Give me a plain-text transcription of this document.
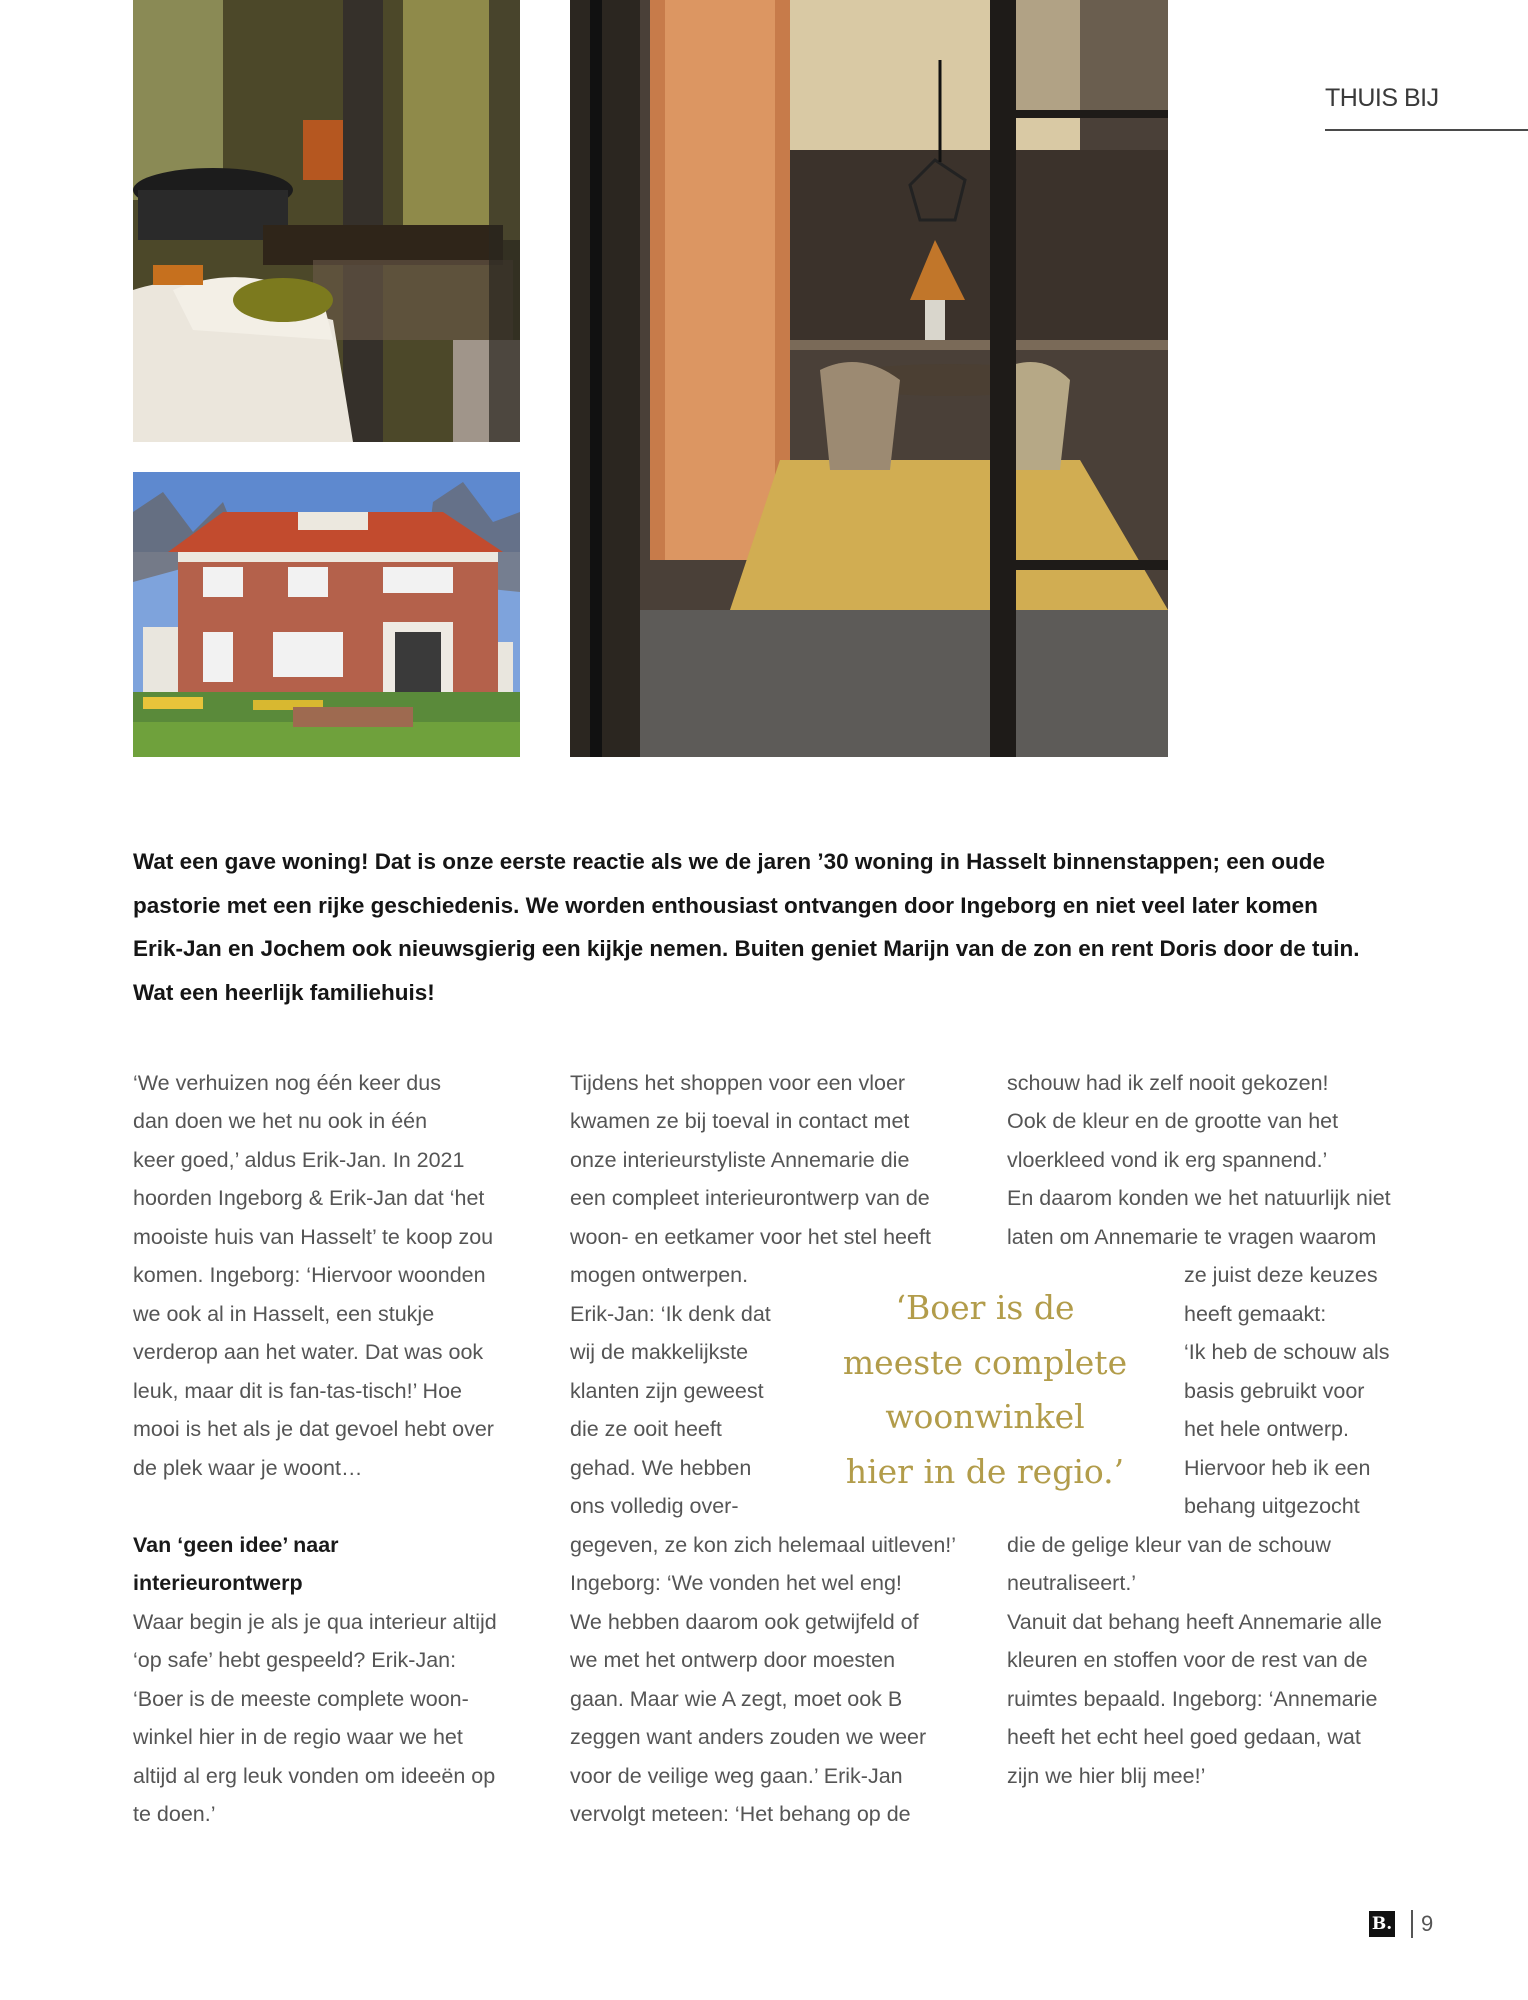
THUIS BIJ
Wat een gave woning! Dat is onze eerste reactie als we de jaren ’30 woning in Hasselt binnenstappen; een oude pastorie met een rijke geschiedenis. We worden enthousiast ontvangen door Ingeborg en niet veel later komen Erik-Jan en Jochem ook nieuwsgierig een kijkje nemen. Buiten geniet Marijn van de zon en rent Doris door de tuin. Wat een heerlijk familiehuis!
‘We verhuizen nog één keer dus
dan doen we het nu ook in één
keer goed,’ aldus Erik-Jan. In 2021
hoorden Ingeborg & Erik-Jan dat ‘het
mooiste huis van Hasselt’ te koop zou
komen. Ingeborg: ‘Hiervoor woonden
we ook al in Hasselt, een stukje
verderop aan het water. Dat was ook
leuk, maar dit is fan-tas-tisch!’ Hoe
mooi is het als je dat gevoel hebt over
de plek waar je woont…
Van ‘geen idee’ naar
interieurontwerp
Waar begin je als je qua interieur altijd
‘op safe’ hebt gespeeld? Erik-Jan:
‘Boer is de meeste complete woon-
winkel hier in de regio waar we het
altijd al erg leuk vonden om ideeën op
te doen.’
Tijdens het shoppen voor een vloer
kwamen ze bij toeval in contact met
onze interieurstyliste Annemarie die
een compleet interieurontwerp van de
woon- en eetkamer voor het stel heeft
mogen ontwerpen.
Erik-Jan: ‘Ik denk dat
wij de makkelijkste
klanten zijn geweest
die ze ooit heeft
gehad. We hebben
ons volledig over-
gegeven, ze kon zich helemaal uitleven!’
Ingeborg: ‘We vonden het wel eng!
We hebben daarom ook getwijfeld of
we met het ontwerp door moesten
gaan. Maar wie A zegt, moet ook B
zeggen want anders zouden we weer
voor de veilige weg gaan.’ Erik-Jan
vervolgt meteen: ‘Het behang op de
‘Boer is de
meeste complete
woonwinkel
hier in de regio.’
schouw had ik zelf nooit gekozen!
Ook de kleur en de grootte van het
vloerkleed vond ik erg spannend.’
En daarom konden we het natuurlijk niet
laten om Annemarie te vragen waarom
ze juist deze keuzes
heeft gemaakt:
‘Ik heb de schouw als
basis gebruikt voor
het hele ontwerp.
Hiervoor heb ik een
behang uitgezocht
die de gelige kleur van de schouw
neutraliseert.’
Vanuit dat behang heeft Annemarie alle
kleuren en stoffen voor de rest van de
ruimtes bepaald. Ingeborg: ‘Annemarie
heeft het echt heel goed gedaan, wat
zijn we hier blij mee!’
B. 9
